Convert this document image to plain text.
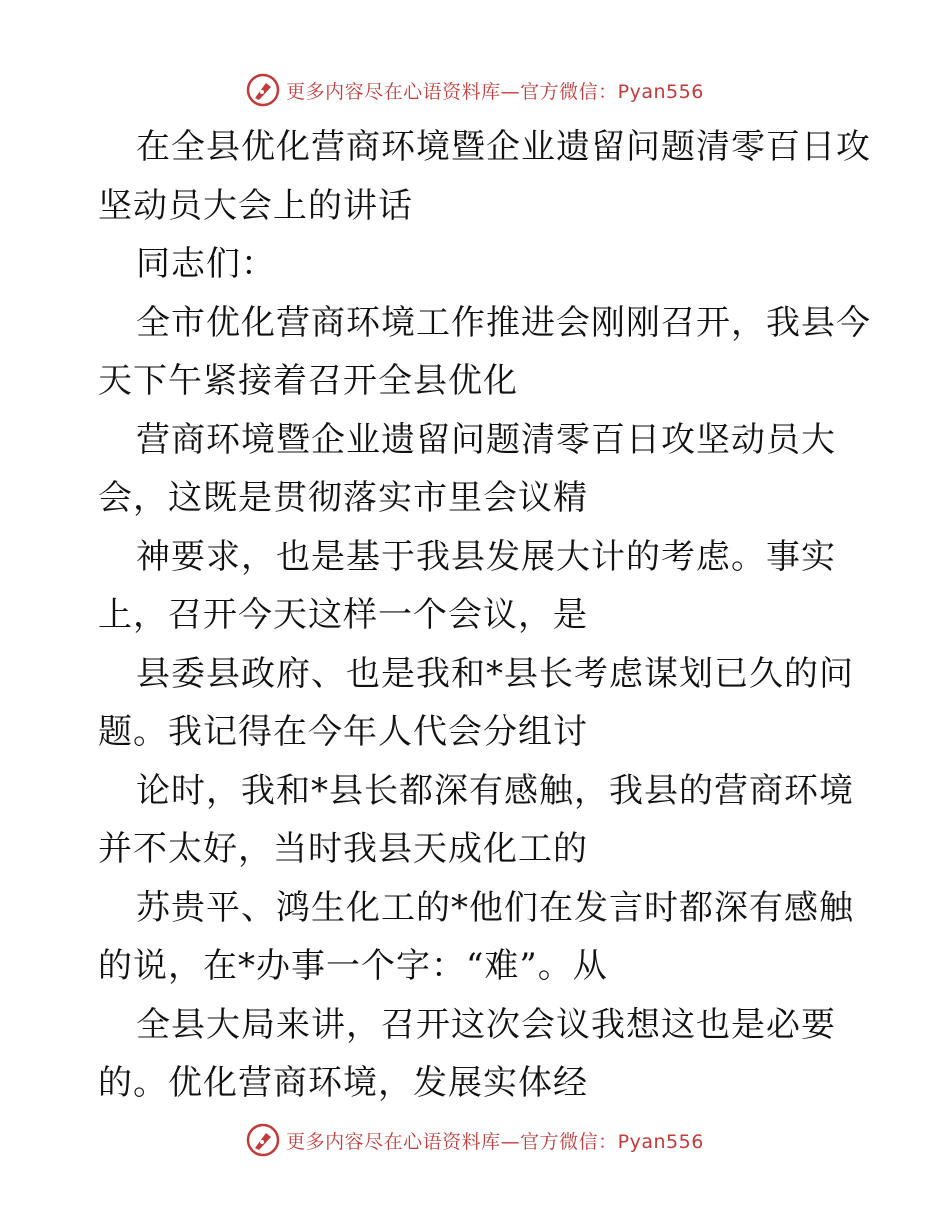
更多内容尽在心语资料库—官方微信：Pyan556
在全县优化营商环境暨企业遗留问题清零百日攻
坚动员大会上的讲话
同志们：
全市优化营商环境工作推进会刚刚召开，我县今
天下午紧接着召开全县优化
营商环境暨企业遗留问题清零百日攻坚动员大
会，这既是贯彻落实市里会议精
神要求，也是基于我县发展大计的考虑。事实
上，召开今天这样一个会议，是
县委县政府、也是我和*县长考虑谋划已久的问
题。我记得在今年人代会分组讨
论时，我和*县长都深有感触，我县的营商环境
并不太好，当时我县天成化工的
苏贵平、鸿生化工的*他们在发言时都深有感触
的说，在*办事一个字：“难”。从
全县大局来讲，召开这次会议我想这也是必要
的。优化营商环境，发展实体经
更多内容尽在心语资料库—官方微信：Pyan556
